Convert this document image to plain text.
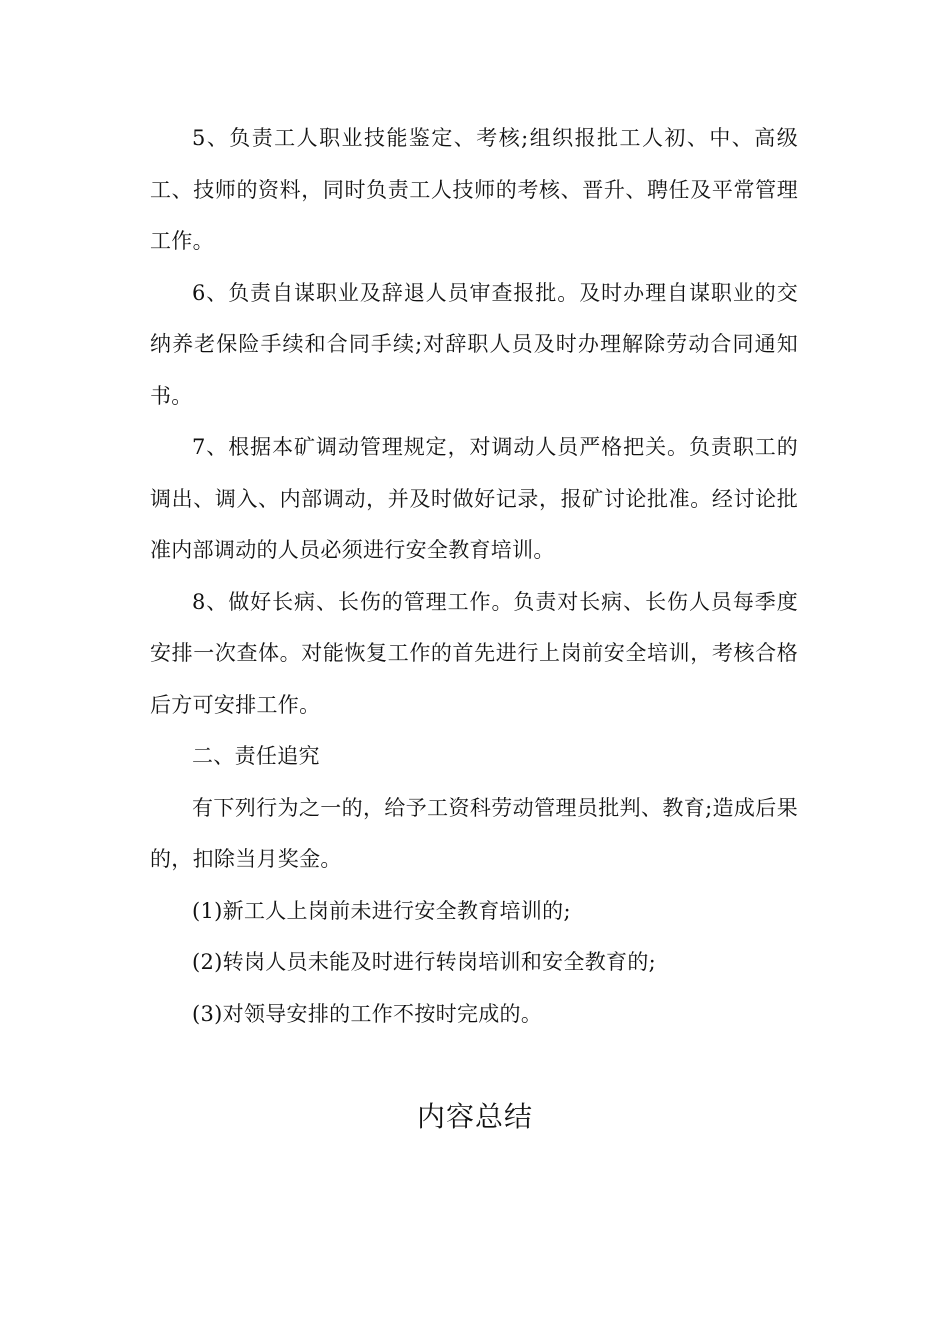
5、负责工人职业技能鉴定、考核;组织报批工人初、中、高级工、技师的资料，同时负责工人技师的考核、晋升、聘任及平常管理工作。

6、负责自谋职业及辞退人员审查报批。及时办理自谋职业的交纳养老保险手续和合同手续;对辞职人员及时办理解除劳动合同通知书。

7、根据本矿调动管理规定，对调动人员严格把关。负责职工的调出、调入、内部调动，并及时做好记录，报矿讨论批准。经讨论批准内部调动的人员必须进行安全教育培训。

8、做好长病、长伤的管理工作。负责对长病、长伤人员每季度安排一次查体。对能恢复工作的首先进行上岗前安全培训，考核合格后方可安排工作。

二、责任追究

有下列行为之一的，给予工资科劳动管理员批判、教育;造成后果的，扣除当月奖金。

(1)新工人上岗前未进行安全教育培训的;

(2)转岗人员未能及时进行转岗培训和安全教育的;

(3)对领导安排的工作不按时完成的。

内容总结
